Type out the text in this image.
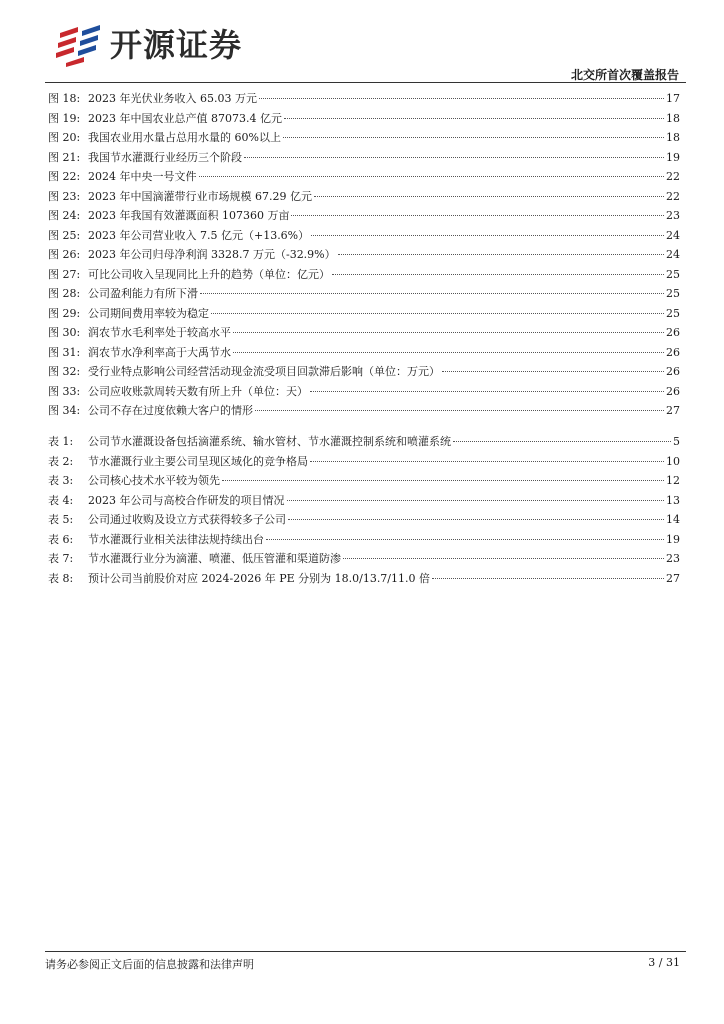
开源证券
北交所首次覆盖报告
图 18: 2023 年光伏业务收入 65.03 万元	17
图 19: 2023 年中国农业总产值 87073.4 亿元	18
图 20: 我国农业用水量占总用水量的 60%以上	18
图 21: 我国节水灌溉行业经历三个阶段	19
图 22: 2024 年中央一号文件	22
图 23: 2023 年中国滴灌带行业市场规模 67.29 亿元	22
图 24: 2023 年我国有效灌溉面积 107360 万亩	23
图 25: 2023 年公司营业收入 7.5 亿元（+13.6%）	24
图 26: 2023 年公司归母净利润 3328.7 万元（-32.9%）	24
图 27: 可比公司收入呈现同比上升的趋势（单位：亿元）	25
图 28: 公司盈利能力有所下滑	25
图 29: 公司期间费用率较为稳定	25
图 30: 润农节水毛利率处于较高水平	26
图 31: 润农节水净利率高于大禹节水	26
图 32: 受行业特点影响公司经营活动现金流受项目回款滞后影响（单位：万元）	26
图 33: 公司应收账款周转天数有所上升（单位：天）	26
图 34: 公司不存在过度依赖大客户的情形	27
表 1:	公司节水灌溉设备包括滴灌系统、输水管材、节水灌溉控制系统和喷灌系统	5
表 2:	节水灌溉行业主要公司呈现区域化的竞争格局	10
表 3:	公司核心技术水平较为领先	12
表 4:	2023 年公司与高校合作研发的项目情况	13
表 5:	公司通过收购及设立方式获得较多子公司	14
表 6:	节水灌溉行业相关法律法规持续出台	19
表 7:	节水灌溉行业分为滴灌、喷灌、低压管灌和渠道防渗	23
表 8:	预计公司当前股价对应 2024-2026 年 PE 分别为 18.0/13.7/11.0 倍	27
请务必参阅正文后面的信息披露和法律声明	3 / 31
